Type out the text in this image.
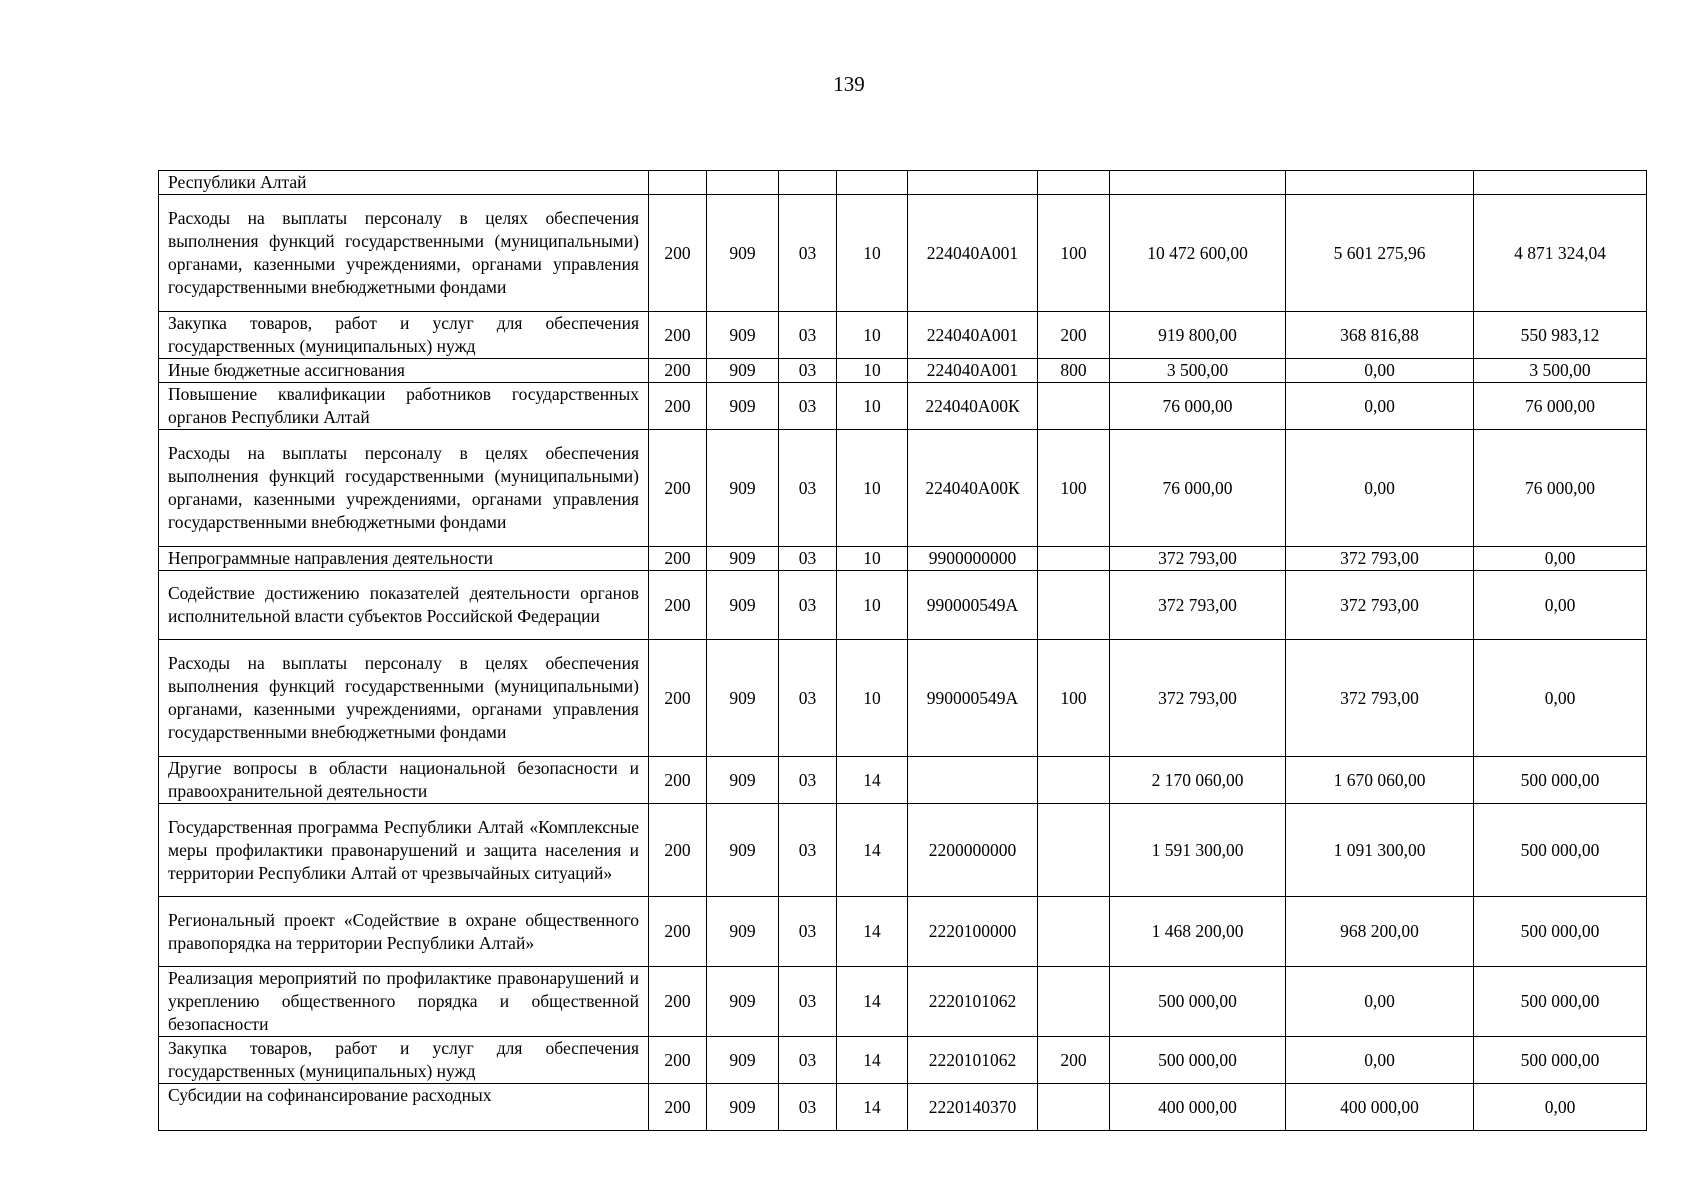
139
Республики Алтай									
Расходы на выплаты персоналу в целях обеспечения выполнения функций государственными (муниципальными) органами, казенными учреждениями, органами управления государственными внебюджетными фондами	200	909	03	10	224040А001	100	10 472 600,00	5 601 275,96	4 871 324,04
Закупка товаров, работ и услуг для обеспечения государственных (муниципальных) нужд	200	909	03	10	224040А001	200	919 800,00	368 816,88	550 983,12
Иные бюджетные ассигнования	200	909	03	10	224040А001	800	3 500,00	0,00	3 500,00
Повышение квалификации работников государственных органов Республики Алтай	200	909	03	10	224040А00К		76 000,00	0,00	76 000,00
Расходы на выплаты персоналу в целях обеспечения выполнения функций государственными (муниципальными) органами, казенными учреждениями, органами управления государственными внебюджетными фондами	200	909	03	10	224040А00К	100	76 000,00	0,00	76 000,00
Непрограммные направления деятельности	200	909	03	10	9900000000		372 793,00	372 793,00	0,00
Содействие достижению показателей деятельности органов исполнительной власти субъектов Российской Федерации	200	909	03	10	990000549А		372 793,00	372 793,00	0,00
Расходы на выплаты персоналу в целях обеспечения выполнения функций государственными (муниципальными) органами, казенными учреждениями, органами управления государственными внебюджетными фондами	200	909	03	10	990000549А	100	372 793,00	372 793,00	0,00
Другие вопросы в области национальной безопасности и правоохранительной деятельности	200	909	03	14			2 170 060,00	1 670 060,00	500 000,00
Государственная программа Республики Алтай «Комплексные меры профилактики правонарушений и защита населения и территории Республики Алтай от чрезвычайных ситуаций»	200	909	03	14	2200000000		1 591 300,00	1 091 300,00	500 000,00
Региональный проект «Содействие в охране общественного правопорядка на территории Республики Алтай»	200	909	03	14	2220100000		1 468 200,00	968 200,00	500 000,00
Реализация мероприятий по профилактике правонарушений и укреплению общественного порядка и общественной безопасности	200	909	03	14	2220101062		500 000,00	0,00	500 000,00
Закупка товаров, работ и услуг для обеспечения государственных (муниципальных) нужд	200	909	03	14	2220101062	200	500 000,00	0,00	500 000,00
Субсидии на софинансирование расходных	200	909	03	14	2220140370		400 000,00	400 000,00	0,00
